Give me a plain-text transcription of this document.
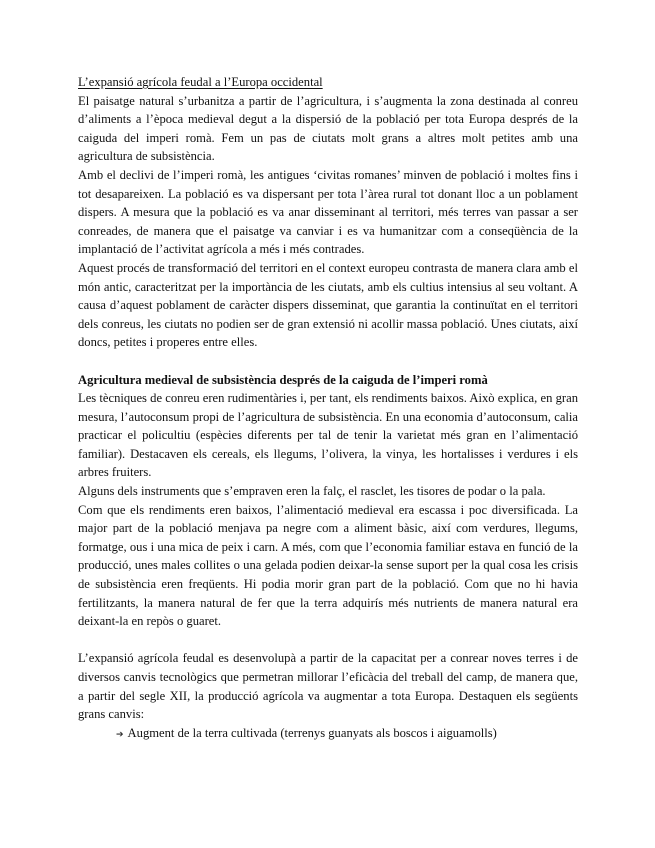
L’expansió agrícola feudal a l’Europa occidental

El paisatge natural s’urbanitza a partir de l’agricultura, i s’augmenta la zona destinada al conreu d’aliments a l’època medieval degut a la dispersió de la població per tota Europa després de la caiguda del imperi romà. Fem un pas de ciutats molt grans a altres molt petites amb una agricultura de subsistència.

Amb el declivi de l’imperi romà, les antigues ‘civitas romanes’ minven de població i moltes fins i tot desapareixen. La població es va dispersant per tota l’àrea rural tot donant lloc a un poblament dispers. A mesura que la població es va anar disseminant al territori, més terres van passar a ser conreades, de manera que el paisatge va canviar i es va humanitzar com a conseqüència de la implantació de l’activitat agrícola a més i més contrades.

Aquest procés de transformació del territori en el context europeu contrasta de manera clara amb el món antic, caracteritzat per la importància de les ciutats, amb els cultius intensius al seu voltant. A causa d’aquest poblament de caràcter dispers disseminat, que garantia la continuïtat en el territori dels conreus, les ciutats no podien ser de gran extensió ni acollir massa població. Unes ciutats, així doncs, petites i properes entre elles.

Agricultura medieval de subsistència després de la caiguda de l’imperi romà

Les tècniques de conreu eren rudimentàries i, per tant, els rendiments baixos. Això explica, en gran mesura, l’autoconsum propi de l’agricultura de subsistència. En una economia d’autoconsum, calia practicar el policultiu (espècies diferents per tal de tenir la varietat més gran en l’alimentació familiar). Destacaven els cereals, els llegums, l’olivera, la vinya, les hortalisses i verdures i els arbres fruiters.

Alguns dels instruments que s’empraven eren la falç, el rasclet, les tisores de podar o la pala.

Com que els rendiments eren baixos, l’alimentació medieval era escassa i poc diversificada. La major part de la població menjava pa negre com a aliment bàsic, així com verdures, llegums, formatge, ous i una mica de peix i carn. A més, com que l’economia familiar estava en funció de la producció, unes males collites o una gelada podien deixar-la sense suport per la qual cosa les crisis de subsistència eren freqüents. Hi podia morir gran part de la població. Com que no hi havia fertilitzants, la manera natural de fer que la terra adquirís més nutrients de manera natural era deixant-la en repòs o guaret.

L’expansió agrícola feudal es desenvolupà a partir de la capacitat per a conrear noves terres i de diversos canvis tecnològics que permetran millorar l’eficàcia del treball del camp, de manera que, a partir del segle XII, la producció agrícola va augmentar a tota Europa. Destaquen els següents grans canvis:

➔ Augment de la terra cultivada (terrenys guanyats als boscos i aiguamolls)
